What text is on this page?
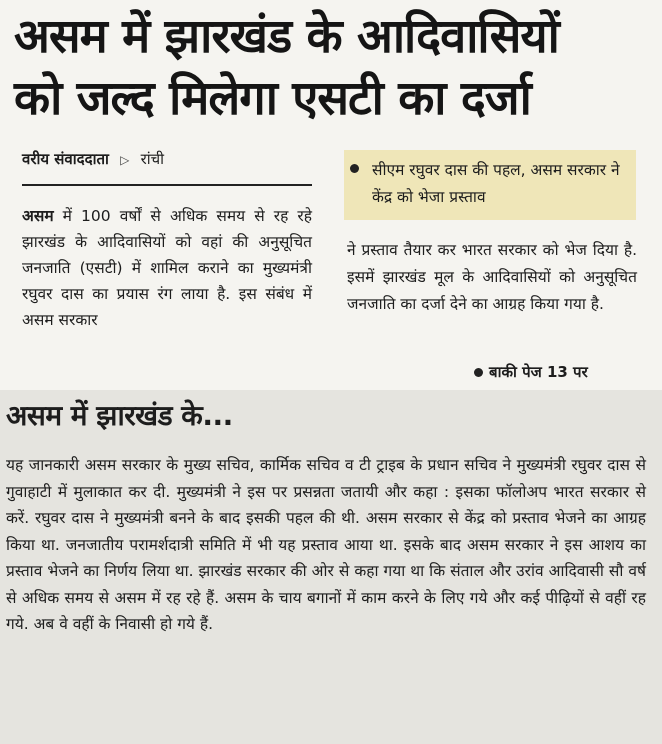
असम में झारखंड के आदिवासियों
को जल्द मिलेगा एसटी का दर्जा
वरीय संवाददाता ▷ रांची

सीएम रघुवर दास की पहल, असम सरकार ने केंद्र को भेजा प्रस्ताव

असम में 100 वर्षों से अधिक समय से रह रहे झारखंड के आदिवासियों को वहां की अनुसूचित जनजाति (एसटी) में शामिल कराने का मुख्यमंत्री रघुवर दास का प्रयास रंग लाया है. इस संबंध में असम सरकार
ने प्रस्ताव तैयार कर भारत सरकार को भेज दिया है. इसमें झारखंड मूल के आदिवासियों को अनुसूचित जनजाति का दर्जा देने का आग्रह किया गया है.
बाकी पेज 13 पर
असम में झारखंड के...
यह जानकारी असम सरकार के मुख्य सचिव, कार्मिक सचिव व टी ट्राइब के प्रधान सचिव ने मुख्यमंत्री रघुवर दास से गुवाहाटी में मुलाकात कर दी. मुख्यमंत्री ने इस पर प्रसन्नता जतायी और कहा : इसका फॉलोअप भारत सरकार से करें. रघुवर दास ने मुख्यमंत्री बनने के बाद इसकी पहल की थी. असम सरकार से केंद्र को प्रस्ताव भेजने का आग्रह किया था. जनजातीय परामर्शदात्री समिति में भी यह प्रस्ताव आया था. इसके बाद असम सरकार ने इस आशय का प्रस्ताव भेजने का निर्णय लिया था. झारखंड सरकार की ओर से कहा गया था कि संताल और उरांव आदिवासी सौ वर्ष से अधिक समय से असम में रह रहे हैं. असम के चाय बगानों में काम करने के लिए गये और कई पीढ़ियों से वहीं रह गये. अब वे वहीं के निवासी हो गये हैं.
